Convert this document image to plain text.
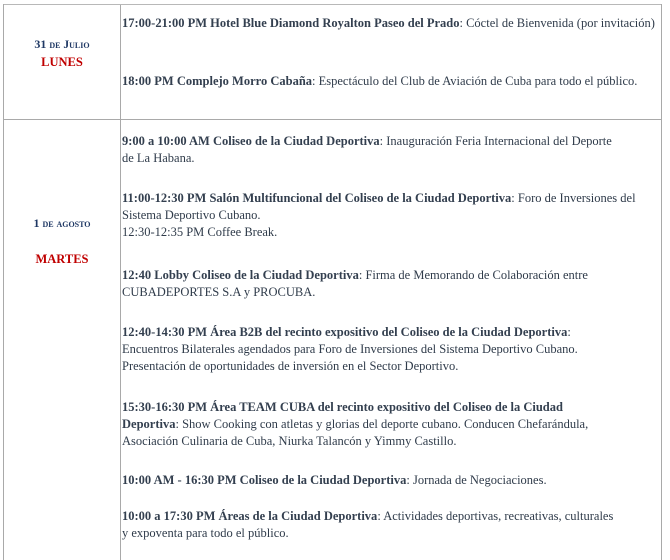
31 de Julio
LUNES
17:00-21:00 PM Hotel Blue Diamond Royalton Paseo del Prado: Cóctel de Bienvenida (por invitación)
18:00 PM Complejo Morro Cabaña: Espectáculo del Club de Aviación de Cuba para todo el público.
1 de agosto
MARTES
9:00 a 10:00 AM Coliseo de la Ciudad Deportiva: Inauguración Feria Internacional del Deporte de La Habana.
11:00-12:30 PM Salón Multifuncional del Coliseo de la Ciudad Deportiva: Foro de Inversiones del Sistema Deportivo Cubano.
12:30-12:35 PM Coffee Break.
12:40 Lobby Coliseo de la Ciudad Deportiva: Firma de Memorando de Colaboración entre CUBADEPORTES S.A y PROCUBA.
12:40-14:30 PM Área B2B del recinto expositivo del Coliseo de la Ciudad Deportiva: Encuentros Bilaterales agendados para Foro de Inversiones del Sistema Deportivo Cubano. Presentación de oportunidades de inversión en el Sector Deportivo.
15:30-16:30 PM Área TEAM CUBA del recinto expositivo del Coliseo de la Ciudad Deportiva: Show Cooking con atletas y glorias del deporte cubano. Conducen Chefarándula, Asociación Culinaria de Cuba, Niurka Talancón y Yimmy Castillo.
10:00 AM - 16:30 PM Coliseo de la Ciudad Deportiva: Jornada de Negociaciones.
10:00 a 17:30 PM Áreas de la Ciudad Deportiva: Actividades deportivas, recreativas, culturales y expoventa para todo el público.
